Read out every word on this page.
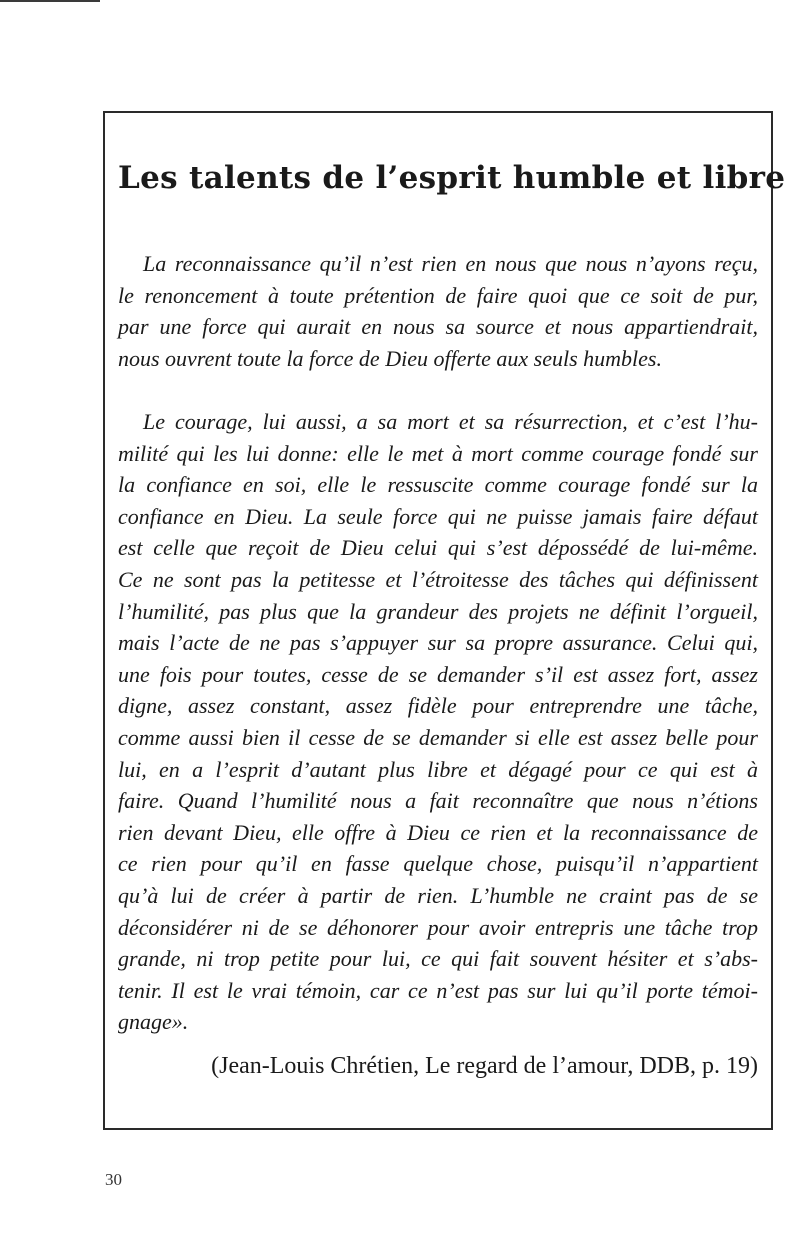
Les talents de l’esprit humble et libre
La reconnaissance qu’il n’est rien en nous que nous n’ayons reçu,
le renoncement à toute prétention de faire quoi que ce soit de pur,
par une force qui aurait en nous sa source et nous appartiendrait,
nous ouvrent toute la force de Dieu offerte aux seuls humbles.
Le courage, lui aussi, a sa mort et sa résurrection, et c’est l’hu-
milité qui les lui donne: elle le met à mort comme courage fondé sur
la confiance en soi, elle le ressuscite comme courage fondé sur la
confiance en Dieu. La seule force qui ne puisse jamais faire défaut
est celle que reçoit de Dieu celui qui s’est dépossédé de lui-même.
Ce ne sont pas la petitesse et l’étroitesse des tâches qui définissent
l’humilité, pas plus que la grandeur des projets ne définit l’orgueil,
mais l’acte de ne pas s’appuyer sur sa propre assurance. Celui qui,
une fois pour toutes, cesse de se demander s’il est assez fort, assez
digne, assez constant, assez fidèle pour entreprendre une tâche,
comme aussi bien il cesse de se demander si elle est assez belle pour
lui, en a l’esprit d’autant plus libre et dégagé pour ce qui est à
faire. Quand l’humilité nous a fait reconnaître que nous n’étions
rien devant Dieu, elle offre à Dieu ce rien et la reconnaissance de
ce rien pour qu’il en fasse quelque chose, puisqu’il n’appartient
qu’à lui de créer à partir de rien. L’humble ne craint pas de se
déconsidérer ni de se déhonorer pour avoir entrepris une tâche trop
grande, ni trop petite pour lui, ce qui fait souvent hésiter et s’abs-
tenir. Il est le vrai témoin, car ce n’est pas sur lui qu’il porte témoi-
gnage».

(Jean-Louis Chrétien, Le regard de l’amour, DDB, p. 19)

30
